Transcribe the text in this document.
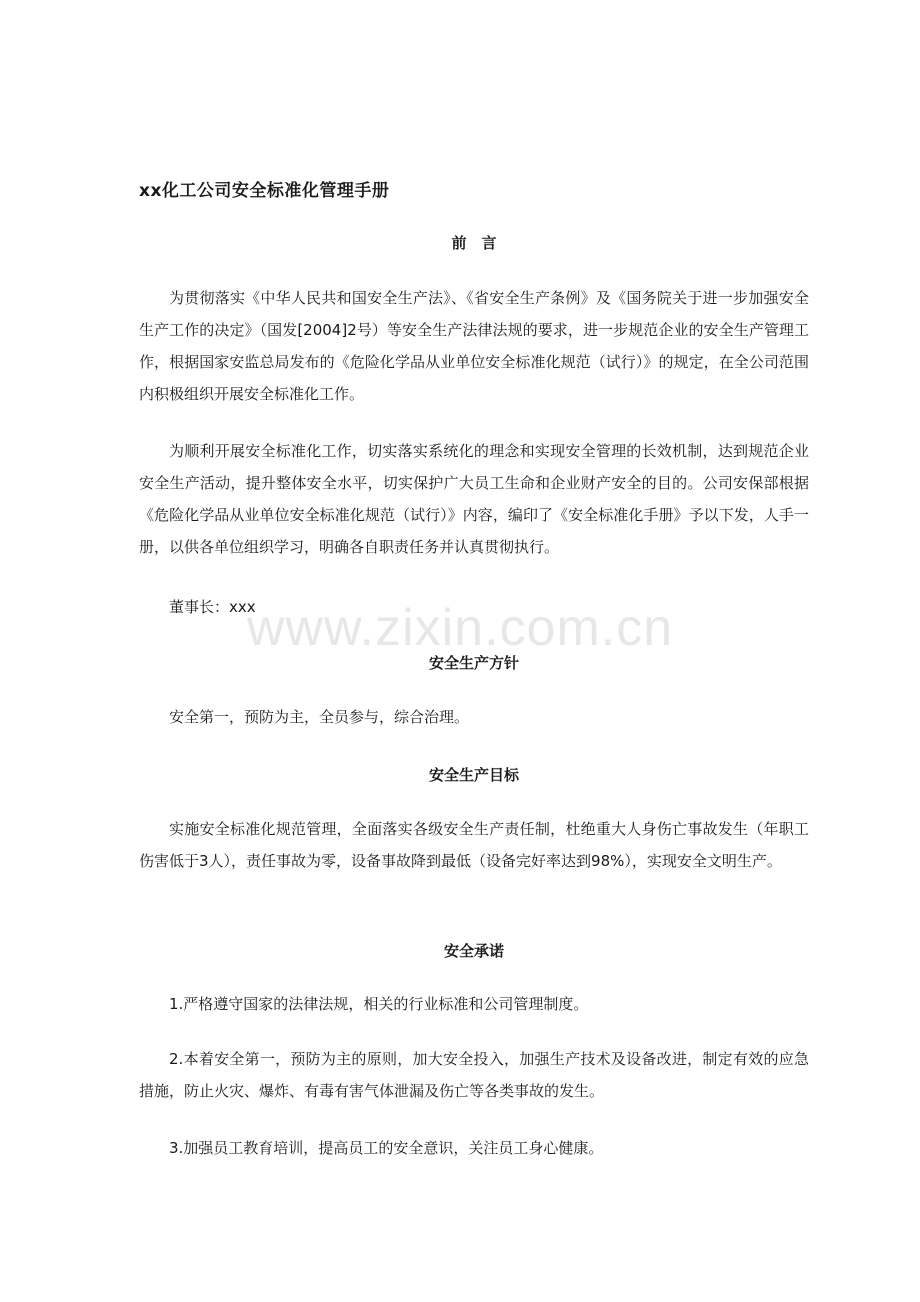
xx化工公司安全标准化管理手册
前　言
为贯彻落实《中华人民共和国安全生产法》、《省安全生产条例》及《国务院关于进一步加强安全生产工作的决定》（国发[2004]2号）等安全生产法律法规的要求，进一步规范企业的安全生产管理工作，根据国家安监总局发布的《危险化学品从业单位安全标准化规范（试行）》的规定，在全公司范围内积极组织开展安全标准化工作。
为顺利开展安全标准化工作，切实落实系统化的理念和实现安全管理的长效机制，达到规范企业安全生产活动，提升整体安全水平，切实保护广大员工生命和企业财产安全的目的。公司安保部根据《危险化学品从业单位安全标准化规范（试行）》内容，编印了《安全标准化手册》予以下发，人手一册，以供各单位组织学习，明确各自职责任务并认真贯彻执行。
董事长：xxx
安全生产方针
安全第一，预防为主，全员参与，综合治理。
安全生产目标
实施安全标准化规范管理，全面落实各级安全生产责任制，杜绝重大人身伤亡事故发生（年职工伤害低于3人），责任事故为零，设备事故降到最低（设备完好率达到98%），实现安全文明生产。
安全承诺
1.严格遵守国家的法律法规，相关的行业标准和公司管理制度。
2.本着安全第一，预防为主的原则，加大安全投入，加强生产技术及设备改进，制定有效的应急措施，防止火灾、爆炸、有毒有害气体泄漏及伤亡等各类事故的发生。
3.加强员工教育培训，提高员工的安全意识，关注员工身心健康。
www.zixin.com.cn
